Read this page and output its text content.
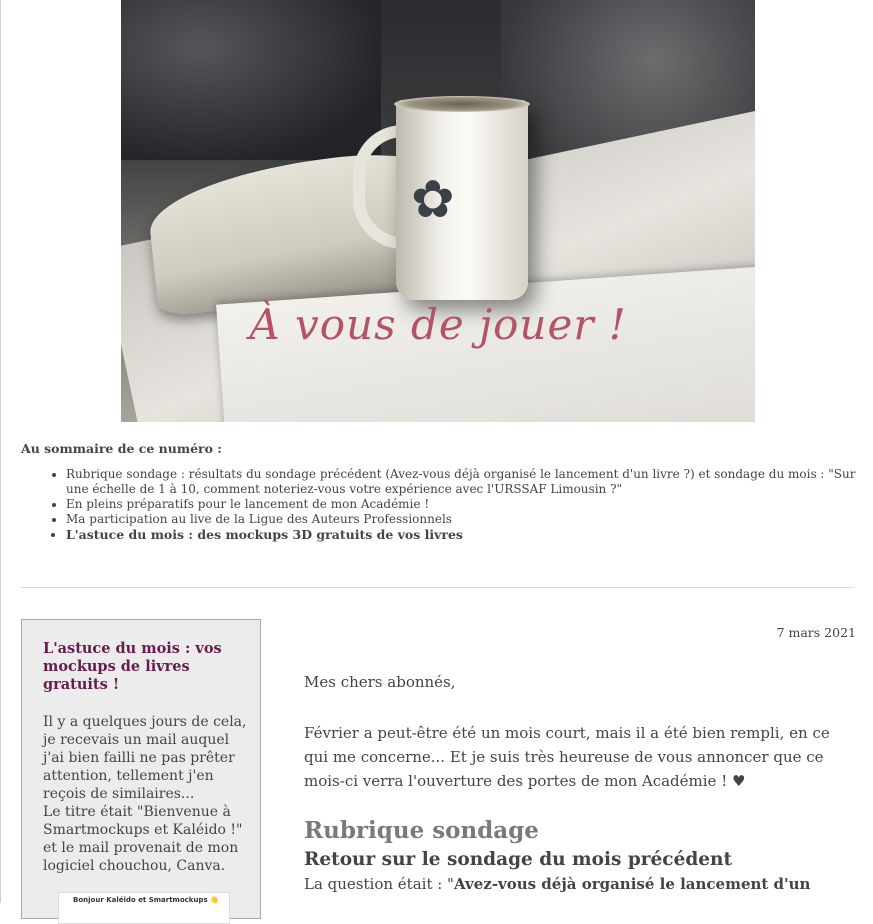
✿
À vous de jouer !

Au sommaire de ce numéro :

• Rubrique sondage : résultats du sondage précédent (Avez-vous déjà organisé le lancement d'un livre ?) et sondage du mois : "Sur une échelle de 1 à 10, comment noteriez-vous votre expérience avec l'URSSAF Limousin ?"
• En pleins préparatifs pour le lancement de mon Académie !
• Ma participation au live de la Ligue des Auteurs Professionnels
• L'astuce du mois : des mockups 3D gratuits de vos livres
L'astuce du mois : vos mockups de livres gratuits !

Il y a quelques jours de cela, je recevais un mail auquel j'ai bien failli ne pas prêter attention, tellement j'en reçois de similaires...
Le titre était "Bienvenue à Smartmockups et Kaléido !" et le mail provenait de mon logiciel chouchou, Canva.

Bonjour Kaléido et Smartmockups 👋
7 mars 2021

Mes chers abonnés,

Février a peut-être été un mois court, mais il a été bien rempli, en ce qui me concerne... Et je suis très heureuse de vous annoncer que ce mois-ci verra l'ouverture des portes de mon Académie ! ♥

Rubrique sondage
Retour sur le sondage du mois précédent

La question était : "Avez-vous déjà organisé le lancement d'un
